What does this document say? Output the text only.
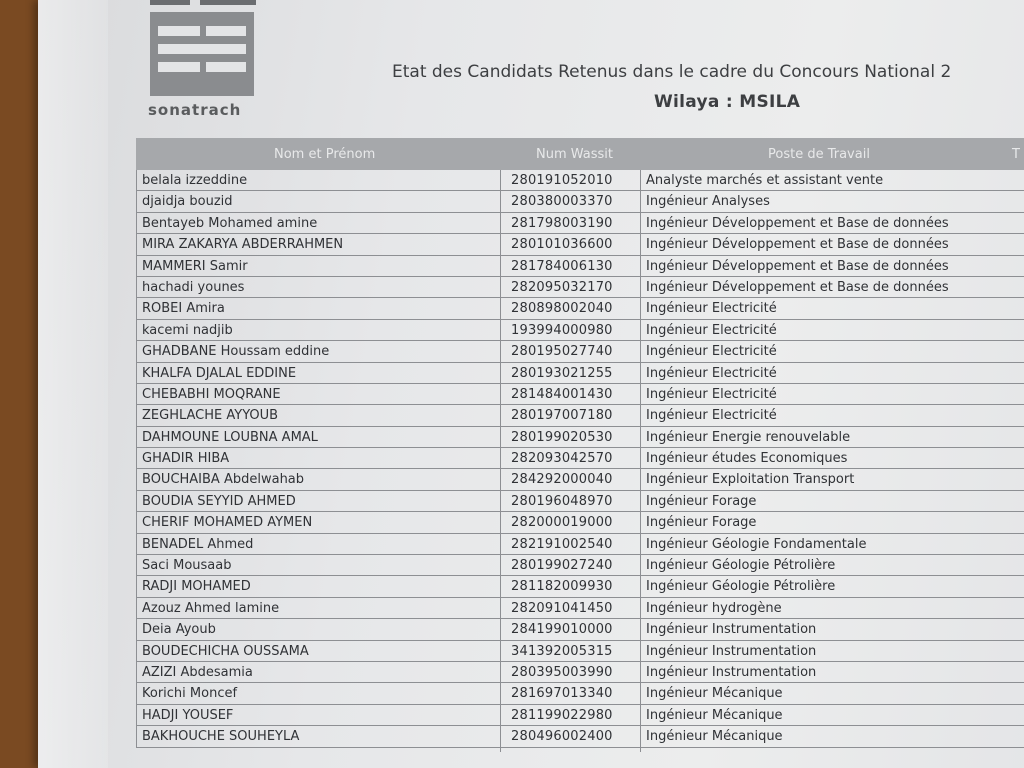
sonatrach
Etat des Candidats Retenus dans le cadre du Concours National 2
Wilaya : MSILA
Nom et Prénom	Num Wassit	Poste de Travail	T
belala izzeddine	280191052010	Analyste marchés et assistant vente
djaidja bouzid	280380003370	Ingénieur Analyses
Bentayeb Mohamed amine	281798003190	Ingénieur Développement et Base de données
MIRA ZAKARYA ABDERRAHMEN	280101036600	Ingénieur Développement et Base de données
MAMMERI Samir	281784006130	Ingénieur Développement et Base de données
hachadi younes	282095032170	Ingénieur Développement et Base de données
ROBEI Amira	280898002040	Ingénieur Electricité
kacemi nadjib	193994000980	Ingénieur Electricité
GHADBANE Houssam eddine	280195027740	Ingénieur Electricité
KHALFA DJALAL EDDINE	280193021255	Ingénieur Electricité
CHEBABHI MOQRANE	281484001430	Ingénieur Electricité
ZEGHLACHE AYYOUB	280197007180	Ingénieur Electricité
DAHMOUNE LOUBNA AMAL	280199020530	Ingénieur Energie renouvelable
GHADIR HIBA	282093042570	Ingénieur études Economiques
BOUCHAIBA Abdelwahab	284292000040	Ingénieur Exploitation Transport
BOUDIA SEYYID AHMED	280196048970	Ingénieur Forage
CHERIF MOHAMED AYMEN	282000019000	Ingénieur Forage
BENADEL Ahmed	282191002540	Ingénieur Géologie Fondamentale
Saci Mousaab	280199027240	Ingénieur Géologie Pétrolière
RADJI MOHAMED	281182009930	Ingénieur Géologie Pétrolière
Azouz Ahmed lamine	282091041450	Ingénieur hydrogène
Deia Ayoub	284199010000	Ingénieur Instrumentation
BOUDECHICHA OUSSAMA	341392005315	Ingénieur Instrumentation
AZIZI Abdesamia	280395003990	Ingénieur Instrumentation
Korichi Moncef	281697013340	Ingénieur Mécanique
HADJI YOUSEF	281199022980	Ingénieur Mécanique
BAKHOUCHE SOUHEYLA	280496002400	Ingénieur Mécanique
